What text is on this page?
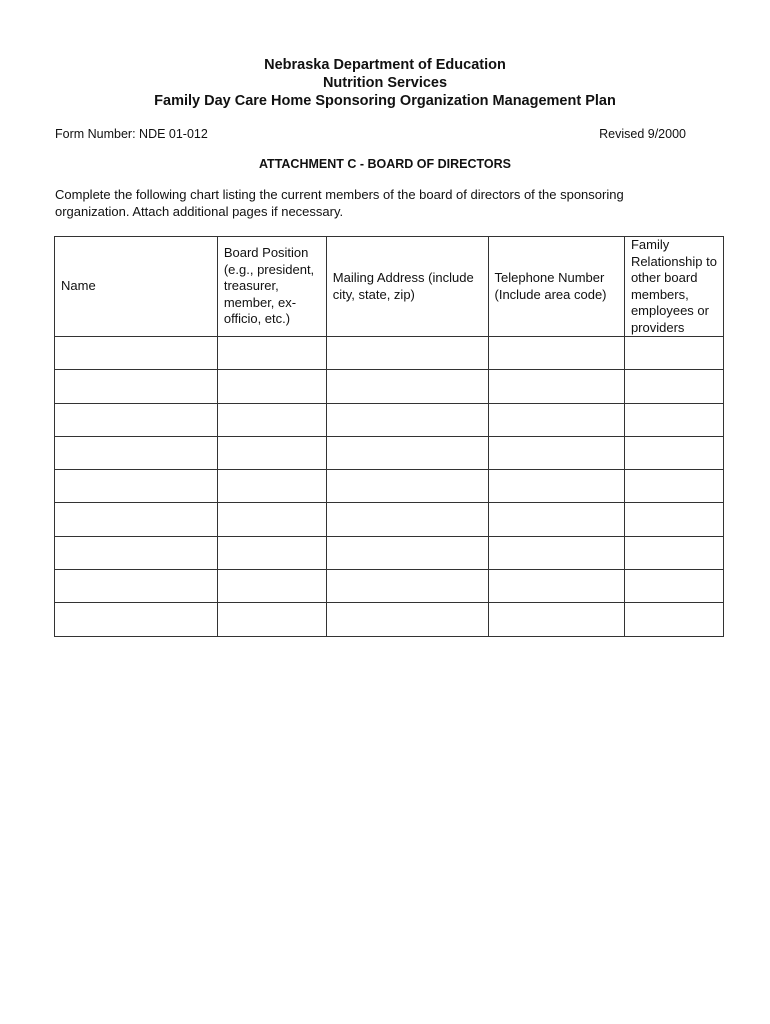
Nebraska Department of Education
Nutrition Services
Family Day Care Home Sponsoring Organization Management Plan
Form Number: NDE 01-012	Revised 9/2000
ATTACHMENT C - BOARD OF DIRECTORS
Complete the following chart listing the current members of the board of directors of the sponsoring organization. Attach additional pages if necessary.
Name	Board Position (e.g., president, treasurer, member, ex-officio, etc.)	Mailing Address (include city, state, zip)	Telephone Number (Include area code)	Family Relationship to other board members, employees or providers
